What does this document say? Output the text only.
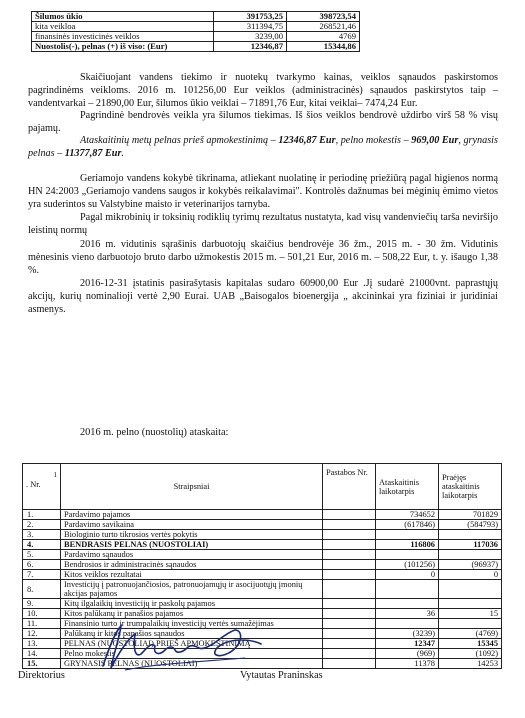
Šilumos ūkio	391753,25	398723,54
kita veikloa	311394,75	268521,46
finansinės investicinės veiklos	3239,00	4769
Nuostolis(-), pelnas (+) iš viso: (Eur)	12346,87	15344,86

Skaičiuojant vandens tiekimo ir nuotekų tvarkymo kainas, veiklos sąnaudos paskirstomos pagrindinėms veikloms. 2016 m. 101256,00 Eur veiklos (administracinės) sąnaudos paskirstytos taip – vandentvarkai – 21890,00 Eur, šilumos ūkio veiklai – 71891,76 Eur, kitai veiklai– 7474,24 Eur.

Pagrindinė bendrovės veikla yra šilumos tiekimas. Iš šios veiklos bendrovė uždirbo virš 58 % visų pajamų.

Ataskaitinių metų pelnas prieš apmokestinimą – 12346,87 Eur, pelno mokestis – 969,00 Eur, grynasis pelnas – 11377,87 Eur.

Geriamojo vandens kokybė tikrinama, atliekant nuolatinę ir periodinę priežiūrą pagal higienos normą HN 24:2003 „Geriamojo vandens saugos ir kokybės reikalavimai". Kontrolės dažnumas bei mėginių ėmimo vietos yra suderintos su Valstybine maisto ir veterinarijos tarnyba.

Pagal mikrobinių ir toksinių rodiklių tyrimų rezultatus nustatyta, kad visų vandenviečių tarša neviršijo leistinų normų

2016 m. vidutinis sąrašinis darbuotojų skaičius bendrovėje 36 žm., 2015 m. - 30 žm. Vidutinis mėnesinis vieno darbuotojo bruto darbo užmokestis 2015 m. – 501,21 Eur, 2016 m. – 508,22 Eur, t. y. išaugo 1,38 %.

2016-12-31 įstatinis pasirašytasis kapitalas sudaro 60900,00 Eur .Jį sudarė 21000vnt. paprastųjų akcijų, kurių nominalioji vertė 2,90 Eurai. UAB „Baisogalos bioenergija „ akcininkai yra fiziniai ir juridiniai asmenys.

2016 m. pelno (nuostolių) ataskaita:
1
. Nr.	Straipsniai	Pastabos Nr.	Ataskaitinis laikotarpis	Praėjęs ataskaitinis laikotarpis
1.	Pardavimo pajamos		734652	701829
2.	Pardavimo savikaina		(617846)	(584793)
3.	Biologinio turto tikrosios vertės pokytis			
4.	BENDRASIS PELNAS (NUOSTOLIAI)		116806	117036
5.	Pardavimo sąnaudos			
6.	Bendrosios ir administracinės sąnaudos		(101256)	(96937)
7.	Kitos veiklos rezultatai		0	0
8.	Investicijų į patronuojančiosios, patronuojamųjų ir asocijuotųjų įmonių akcijas pajamos			
9.	Kitų ilgalaikių investicijų ir paskolų pajamos			
10.	Kitos palūkanų ir panašios pajamos		36	15
11.	Finansinio turto ir trumpalaikių investicijų vertės sumažėjimas			
12.	Palūkanų ir kitos panašios sąnaudos		(3239)	(4769)
13.	PELNAS (NUOSTOLIAI) PRIEŠ APMOKESTINIMĄ		12347	15345
14.	Pelno mokestis		(969)	(1092)
15.	GRYNASIS PELNAS (NUOSTOLIAI)		11378	14253
Direktorius	Vytautas Praninskas
